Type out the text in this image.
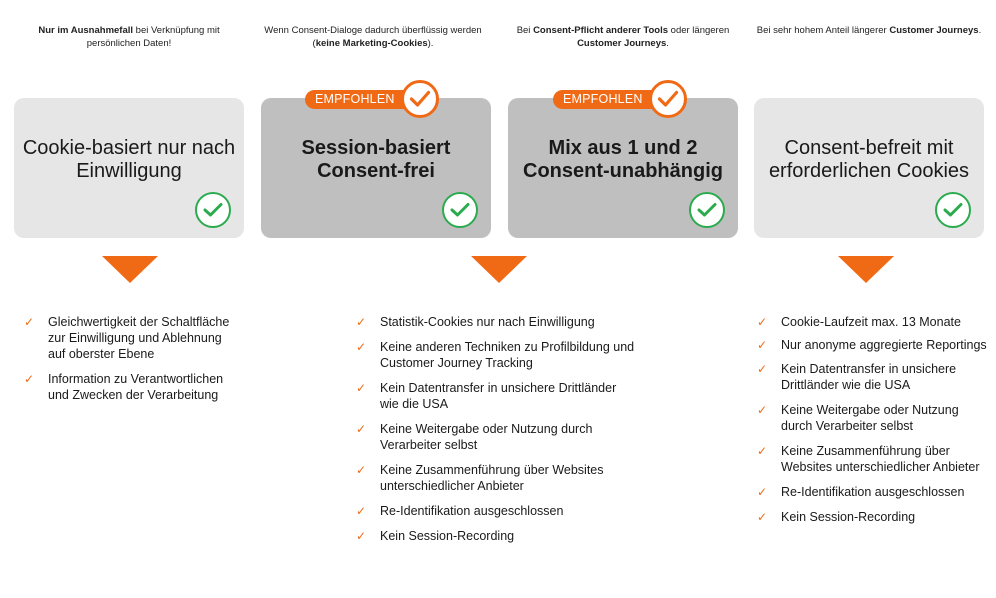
Nur im Ausnahmefall bei Verknüpfung mit persönlichen Daten!
Wenn Consent-Dialoge dadurch überflüssig werden (keine Marketing-Cookies).
Bei Consent-Pflicht anderer Tools oder längeren Customer Journeys.
Bei sehr hohem Anteil längerer Customer Journeys.
Cookie-basiert nur nach Einwilligung
Session-basiert Consent-frei
Mix aus 1 und 2 Consent-unabhängig
Consent-befreit mit erforderlichen Cookies
EMPFOHLEN	EMPFOHLEN
✓ Gleichwertigkeit der Schaltfläche zur Einwilligung und Ablehnung auf oberster Ebene
✓ Information zu Verantwortlichen und Zwecken der Verarbeitung
✓ Statistik-Cookies nur nach Einwilligung
✓ Keine anderen Techniken zu Profilbildung und Customer Journey Tracking
✓ Kein Datentransfer in unsichere Drittländer wie die USA
✓ Keine Weitergabe oder Nutzung durch Verarbeiter selbst
✓ Keine Zusammenführung über Websites unterschiedlicher Anbieter
✓ Re-Identifikation ausgeschlossen
✓ Kein Session-Recording
✓ Cookie-Laufzeit max. 13 Monate
✓ Nur anonyme aggregierte Reportings
✓ Kein Datentransfer in unsichere Drittländer wie die USA
✓ Keine Weitergabe oder Nutzung durch Verarbeiter selbst
✓ Keine Zusammenführung über Websites unterschiedlicher Anbieter
✓ Re-Identifikation ausgeschlossen
✓ Kein Session-Recording
